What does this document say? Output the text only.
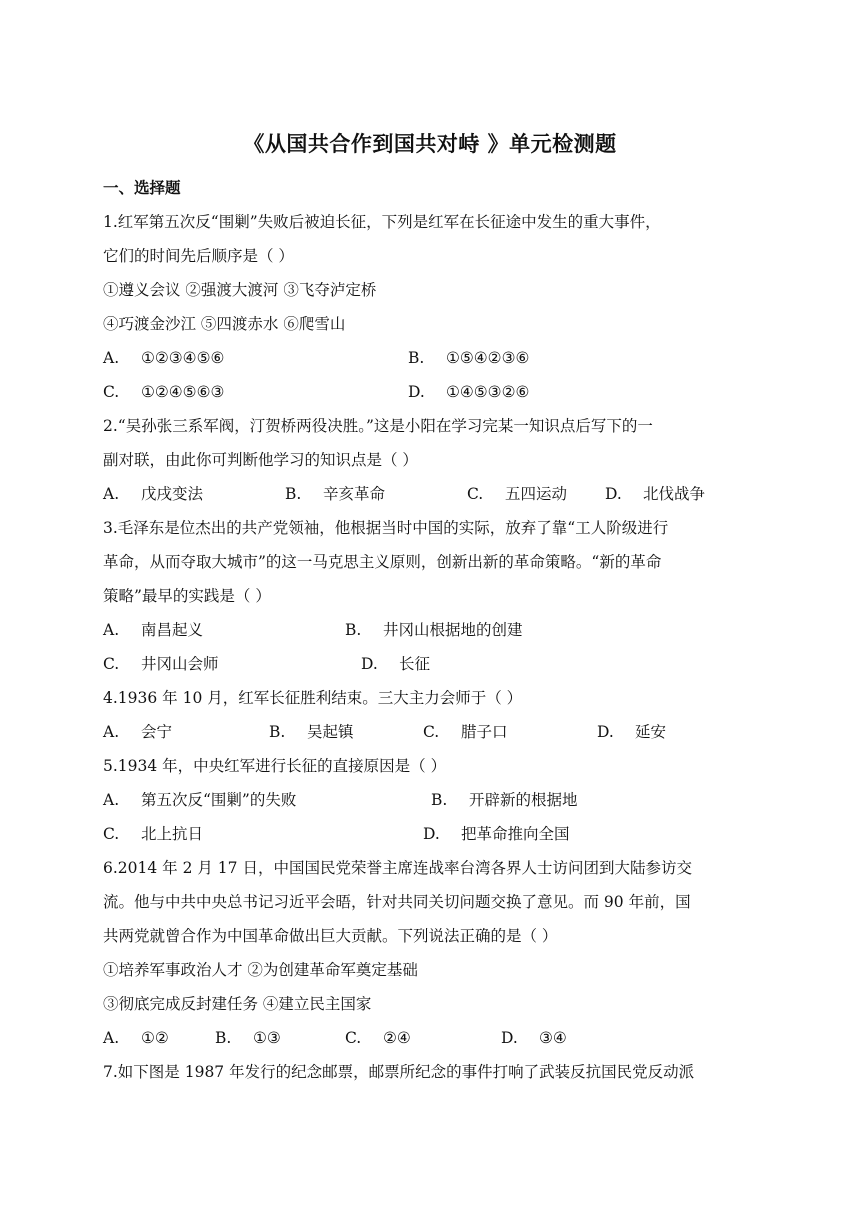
《从国共合作到国共对峙 》单元检测题
一、选择题
1.红军第五次反“围剿”失败后被迫长征，下列是红军在长征途中发生的重大事件，
它们的时间先后顺序是（ ）
①遵义会议 ②强渡大渡河 ③飞夺泸定桥
④巧渡金沙江 ⑤四渡赤水 ⑥爬雪山
A. ①②③④⑤⑥	B. ①⑤④②③⑥
C. ①②④⑤⑥③	D. ①④⑤③②⑥
2.“吴孙张三系军阀，汀贺桥两役决胜。”这是小阳在学习完某一知识点后写下的一
副对联，由此你可判断他学习的知识点是（ ）
A. 戊戌变法	B. 辛亥革命	C. 五四运动 D. 北伐战争
3.毛泽东是位杰出的共产党领袖，他根据当时中国的实际，放弃了靠“工人阶级进行
革命，从而夺取大城市”的这一马克思主义原则，创新出新的革命策略。“新的革命
策略”最早的实践是（ ）
A. 南昌起义	B. 井冈山根据地的创建
C. 井冈山会师	D. 长征
4.1936 年 10 月，红军长征胜利结束。三大主力会师于（ ）
A. 会宁	B. 吴起镇	C. 腊子口	D. 延安
5.1934 年，中央红军进行长征的直接原因是（ ）
A. 第五次反“围剿”的失败	B. 开辟新的根据地
C. 北上抗日	D. 把革命推向全国
6.2014 年 2 月 17 日，中国国民党荣誉主席连战率台湾各界人士访问团到大陆参访交
流。他与中共中央总书记习近平会晤，针对共同关切问题交换了意见。而 90 年前，国
共两党就曾合作为中国革命做出巨大贡献。下列说法正确的是（ ）
①培养军事政治人才 ②为创建革命军奠定基础
③彻底完成反封建任务 ④建立民主国家
A. ①②	B. ①③	C. ②④	D. ③④
7.如下图是 1987 年发行的纪念邮票，邮票所纪念的事件打响了武装反抗国民党反动派
